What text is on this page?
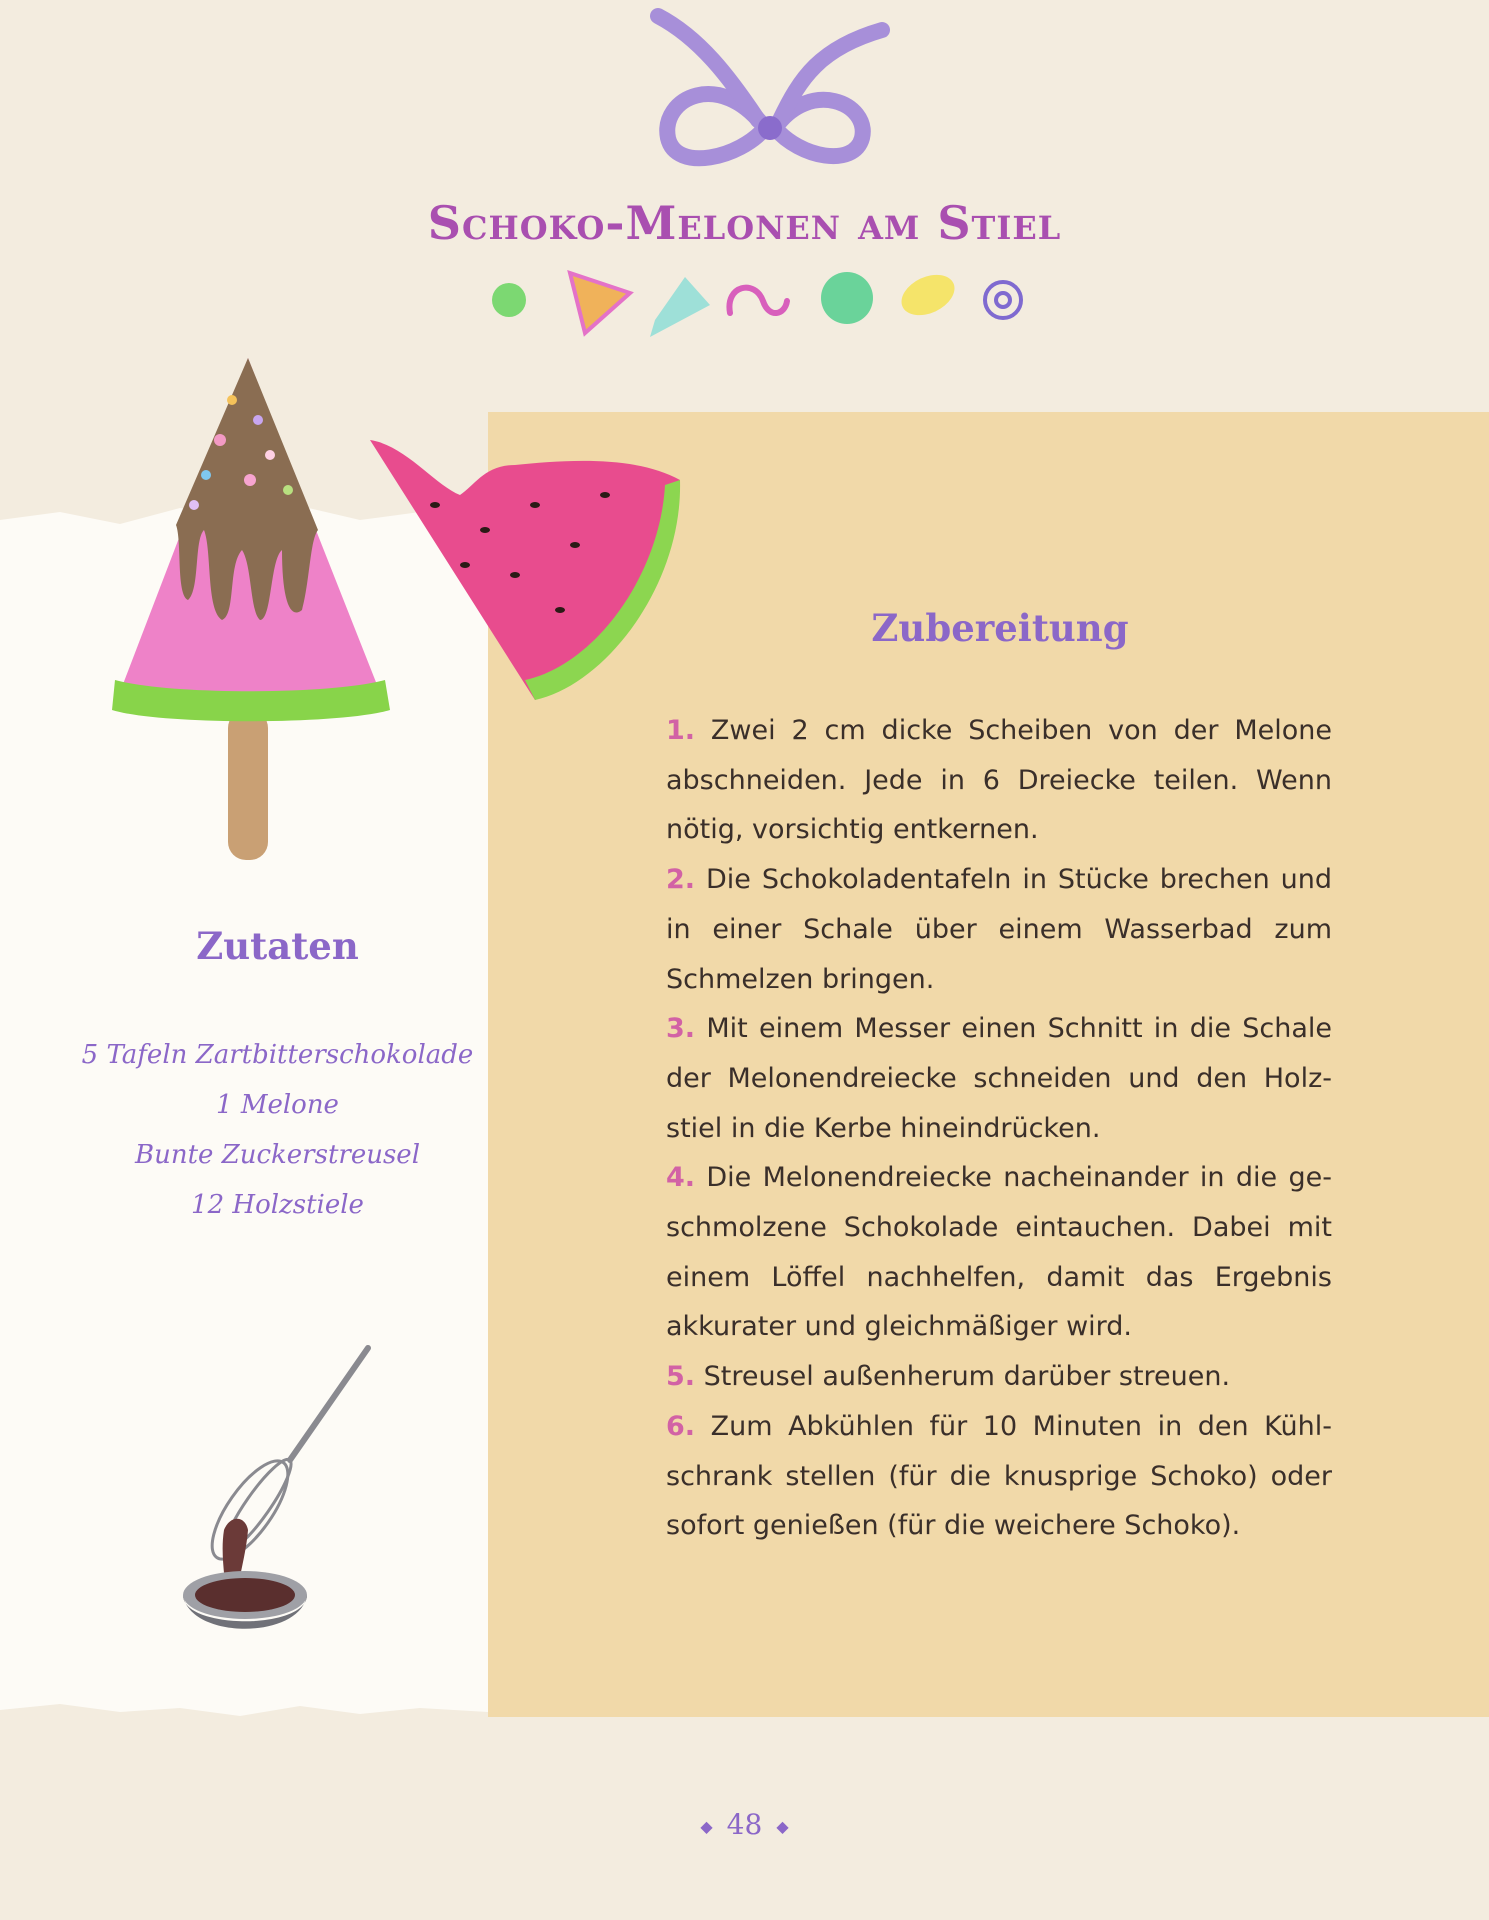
Schoko-Melonen am Stiel
Zutaten
5 Tafeln Zartbitterschokolade
1 Melone
Bunte Zuckerstreusel
12 Holzstiele
Zubereitung

1. Zwei 2 cm dicke Scheiben von der Melone abschneiden. Jede in 6 Dreiecke teilen. Wenn nötig, vorsichtig entkernen.

2. Die Schokoladentafeln in Stücke brechen und in einer Schale über einem Wasserbad zum Schmelzen bringen.

3. Mit einem Messer einen Schnitt in die Schale der Melonendreiecke schneiden und den Holz-stiel in die Kerbe hineindrücken.

4. Die Melonendreiecke nacheinander in die ge-schmolzene Schokolade eintauchen. Dabei mit einem Löffel nachhelfen, damit das Ergebnis akkurater und gleichmäßiger wird.

5. Streusel außenherum darüber streuen.

6. Zum Abkühlen für 10 Minuten in den Kühl-schrank stellen (für die knusprige Schoko) oder sofort genießen (für die weichere Schoko).

◆ 48 ◆
